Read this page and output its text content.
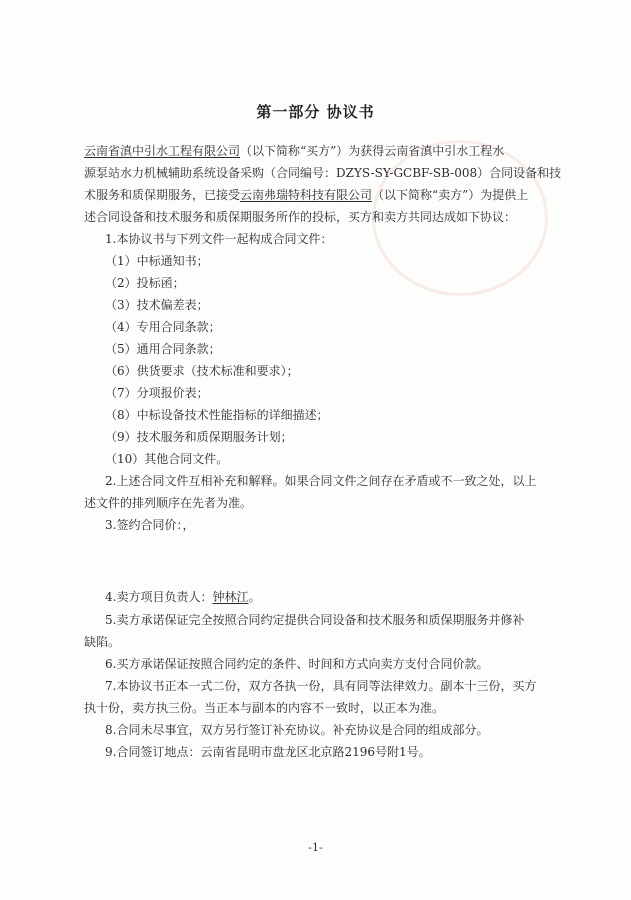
第一部分 协议书
云南省滇中引水工程有限公司（以下简称“买方”）为获得云南省滇中引水工程水
源泵站水力机械辅助系统设备采购（合同编号：DZYS-SY-GCBF-SB-008）合同设备和技
术服务和质保期服务，已接受云南弗瑞特科技有限公司（以下简称“卖方”）为提供上
述合同设备和技术服务和质保期服务所作的投标，买方和卖方共同达成如下协议：
1.本协议书与下列文件一起构成合同文件：
（1）中标通知书；
（2）投标函；
（3）技术偏差表；
（4）专用合同条款；
（5）通用合同条款；
（6）供货要求（技术标准和要求）；
（7）分项报价表；
（8）中标设备技术性能指标的详细描述；
（9）技术服务和质保期服务计划；
（10）其他合同文件。
2.上述合同文件互相补充和解释。如果合同文件之间存在矛盾或不一致之处，以上
述文件的排列顺序在先者为准。
3.签约合同价：，
4.卖方项目负责人：钟林江。
5.卖方承诺保证完全按照合同约定提供合同设备和技术服务和质保期服务并修补
缺陷。
6.买方承诺保证按照合同约定的条件、时间和方式向卖方支付合同价款。
7.本协议书正本一式二份，双方各执一份，具有同等法律效力。副本十三份，买方
执十份，卖方执三份。当正本与副本的内容不一致时，以正本为准。
8.合同未尽事宜，双方另行签订补充协议。补充协议是合同的组成部分。
9.合同签订地点：云南省昆明市盘龙区北京路2196号附1号。
-1-
